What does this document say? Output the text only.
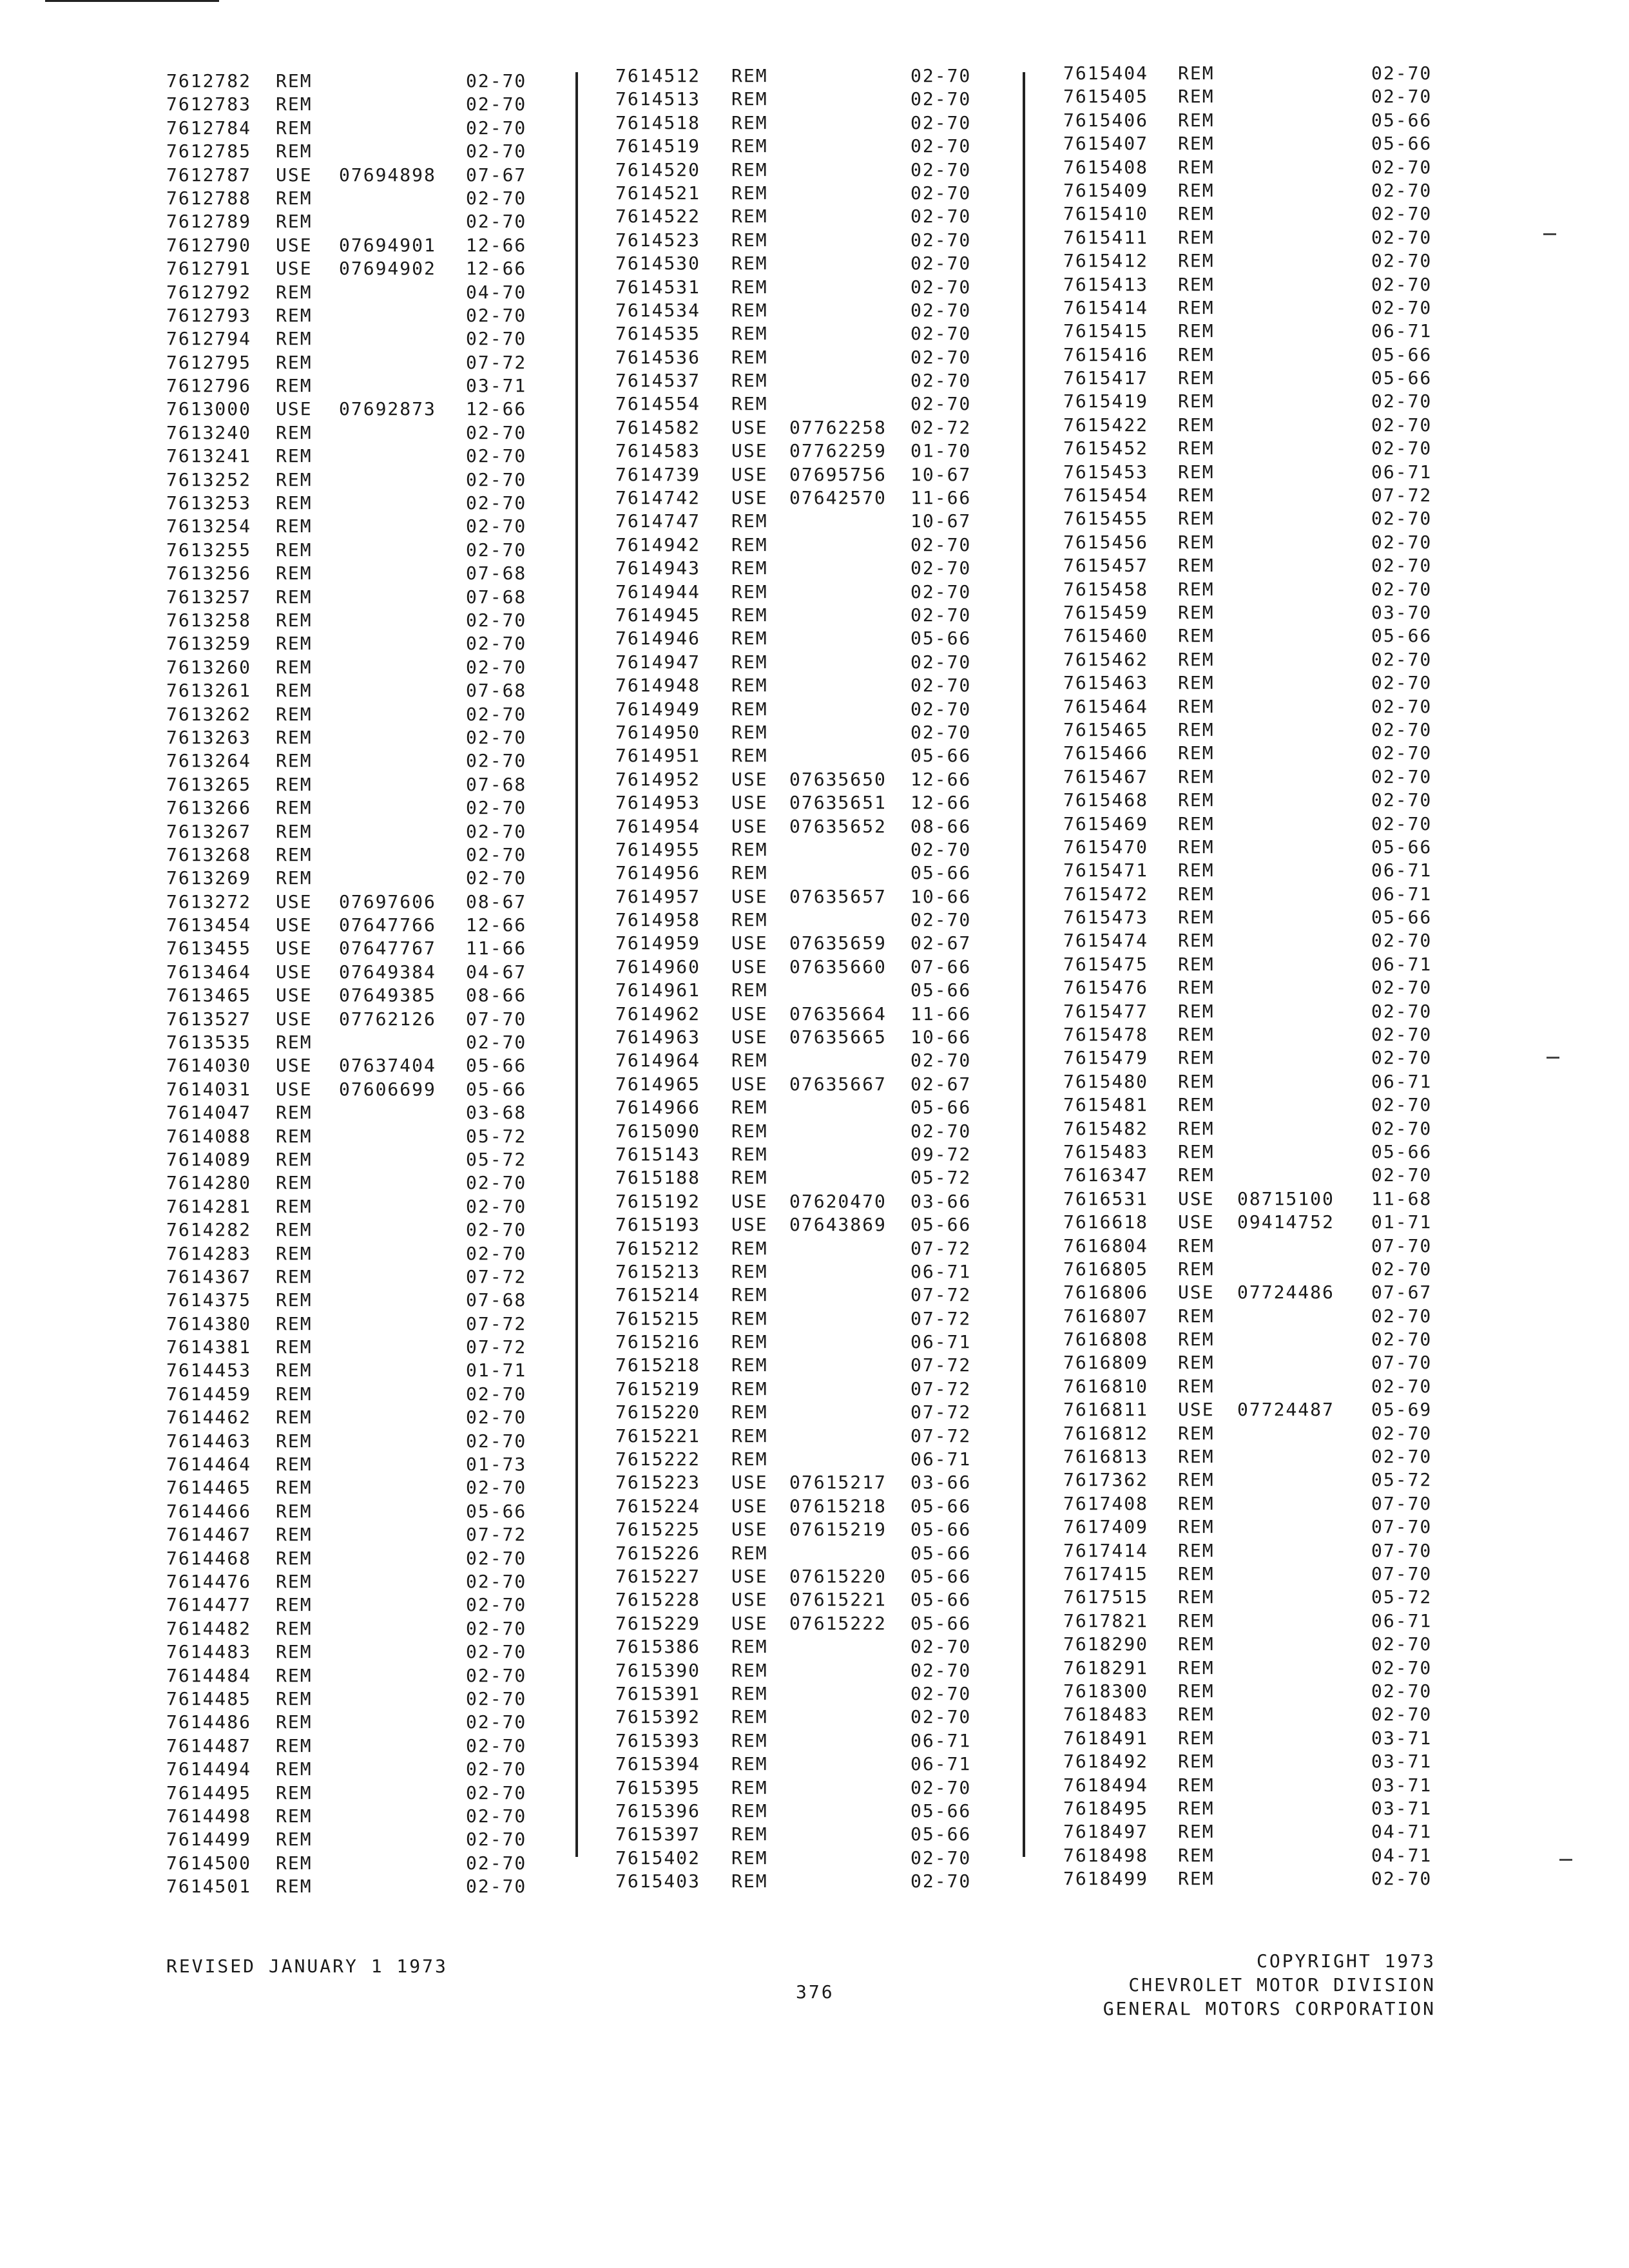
7612782 REM	02-70
7612783 REM	02-70
7612784 REM	02-70
7612785 REM	02-70
7612787 USE 07694898 07-67
7612788 REM	02-70
7612789 REM	02-70
7612790 USE 07694901 12-66
7612791 USE 07694902 12-66
7612792 REM	04-70
7612793 REM	02-70
7612794 REM	02-70
7612795 REM	07-72
7612796 REM	03-71
7613000 USE 07692873 12-66
7613240 REM	02-70
7613241 REM	02-70
7613252 REM	02-70
7613253 REM	02-70
7613254 REM	02-70
7613255 REM	02-70
7613256 REM	07-68
7613257 REM	07-68
7613258 REM	02-70
7613259 REM	02-70
7613260 REM	02-70
7613261 REM	07-68
7613262 REM	02-70
7613263 REM	02-70
7613264 REM	02-70
7613265 REM	07-68
7613266 REM	02-70
7613267 REM	02-70
7613268 REM	02-70
7613269 REM	02-70
7613272 USE 07697606 08-67
7613454 USE 07647766 12-66
7613455 USE 07647767 11-66
7613464 USE 07649384 04-67
7613465 USE 07649385 08-66
7613527 USE 07762126 07-70
7613535 REM	02-70
7614030 USE 07637404 05-66
7614031 USE 07606699 05-66
7614047 REM	03-68
7614088 REM	05-72
7614089 REM	05-72
7614280 REM	02-70
7614281 REM	02-70
7614282 REM	02-70
7614283 REM	02-70
7614367 REM	07-72
7614375 REM	07-68
7614380 REM	07-72
7614381 REM	07-72
7614453 REM	01-71
7614459 REM	02-70
7614462 REM	02-70
7614463 REM	02-70
7614464 REM	01-73
7614465 REM	02-70
7614466 REM	05-66
7614467 REM	07-72
7614468 REM	02-70
7614476 REM	02-70
7614477 REM	02-70
7614482 REM	02-70
7614483 REM	02-70
7614484 REM	02-70
7614485 REM	02-70
7614486 REM	02-70
7614487 REM	02-70
7614494 REM	02-70
7614495 REM	02-70
7614498 REM	02-70
7614499 REM	02-70
7614500 REM	02-70
7614501 REM	02-70
7614512 REM	02-70
7614513 REM	02-70
7614518 REM	02-70
7614519 REM	02-70
7614520 REM	02-70
7614521 REM	02-70
7614522 REM	02-70
7614523 REM	02-70
7614530 REM	02-70
7614531 REM	02-70
7614534 REM	02-70
7614535 REM	02-70
7614536 REM	02-70
7614537 REM	02-70
7614554 REM	02-70
7614582 USE 07762258 02-72
7614583 USE 07762259 01-70
7614739 USE 07695756 10-67
7614742 USE 07642570 11-66
7614747 REM	10-67
7614942 REM	02-70
7614943 REM	02-70
7614944 REM	02-70
7614945 REM	02-70
7614946 REM	05-66
7614947 REM	02-70
7614948 REM	02-70
7614949 REM	02-70
7614950 REM	02-70
7614951 REM	05-66
7614952 USE 07635650 12-66
7614953 USE 07635651 12-66
7614954 USE 07635652 08-66
7614955 REM	02-70
7614956 REM	05-66
7614957 USE 07635657 10-66
7614958 REM	02-70
7614959 USE 07635659 02-67
7614960 USE 07635660 07-66
7614961 REM	05-66
7614962 USE 07635664 11-66
7614963 USE 07635665 10-66
7614964 REM	02-70
7614965 USE 07635667 02-67
7614966 REM	05-66
7615090 REM	02-70
7615143 REM	09-72
7615188 REM	05-72
7615192 USE 07620470 03-66
7615193 USE 07643869 05-66
7615212 REM	07-72
7615213 REM	06-71
7615214 REM	07-72
7615215 REM	07-72
7615216 REM	06-71
7615218 REM	07-72
7615219 REM	07-72
7615220 REM	07-72
7615221 REM	07-72
7615222 REM	06-71
7615223 USE 07615217 03-66
7615224 USE 07615218 05-66
7615225 USE 07615219 05-66
7615226 REM	05-66
7615227 USE 07615220 05-66
7615228 USE 07615221 05-66
7615229 USE 07615222 05-66
7615386 REM	02-70
7615390 REM	02-70
7615391 REM	02-70
7615392 REM	02-70
7615393 REM	06-71
7615394 REM	06-71
7615395 REM	02-70
7615396 REM	05-66
7615397 REM	05-66
7615402 REM	02-70
7615403 REM	02-70
7615404 REM	02-70
7615405 REM	02-70
7615406 REM	05-66
7615407 REM	05-66
7615408 REM	02-70
7615409 REM	02-70
7615410 REM	02-70
7615411 REM	02-70
7615412 REM	02-70
7615413 REM	02-70
7615414 REM	02-70
7615415 REM	06-71
7615416 REM	05-66
7615417 REM	05-66
7615419 REM	02-70
7615422 REM	02-70
7615452 REM	02-70
7615453 REM	06-71
7615454 REM	07-72
7615455 REM	02-70
7615456 REM	02-70
7615457 REM	02-70
7615458 REM	02-70
7615459 REM	03-70
7615460 REM	05-66
7615462 REM	02-70
7615463 REM	02-70
7615464 REM	02-70
7615465 REM	02-70
7615466 REM	02-70
7615467 REM	02-70
7615468 REM	02-70
7615469 REM	02-70
7615470 REM	05-66
7615471 REM	06-71
7615472 REM	06-71
7615473 REM	05-66
7615474 REM	02-70
7615475 REM	06-71
7615476 REM	02-70
7615477 REM	02-70
7615478 REM	02-70
7615479 REM	02-70
7615480 REM	06-71
7615481 REM	02-70
7615482 REM	02-70
7615483 REM	05-66
7616347 REM	02-70
7616531 USE 08715100 11-68
7616618 USE 09414752 01-71
7616804 REM	07-70
7616805 REM	02-70
7616806 USE 07724486 07-67
7616807 REM	02-70
7616808 REM	02-70
7616809 REM	07-70
7616810 REM	02-70
7616811 USE 07724487 05-69
7616812 REM	02-70
7616813 REM	02-70
7617362 REM	05-72
7617408 REM	07-70
7617409 REM	07-70
7617414 REM	07-70
7617415 REM	07-70
7617515 REM	05-72
7617821 REM	06-71
7618290 REM	02-70
7618291 REM	02-70
7618300 REM	02-70
7618483 REM	02-70
7618491 REM	03-71
7618492 REM	03-71
7618494 REM	03-71
7618495 REM	03-71
7618497 REM	04-71
7618498 REM	04-71
7618499 REM	02-70
REVISED JANUARY 1 1973
376
COPYRIGHT 1973
CHEVROLET MOTOR DIVISION
GENERAL MOTORS CORPORATION
